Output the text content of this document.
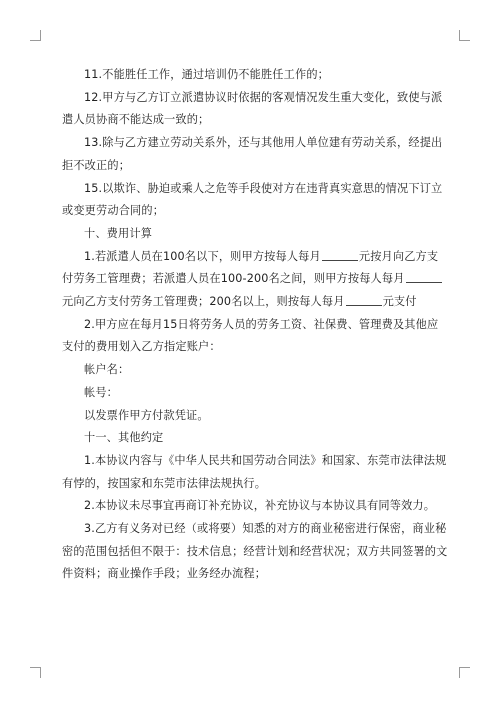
11.不能胜任工作，通过培训仍不能胜任工作的；

12.甲方与乙方订立派遣协议时依据的客观情况发生重大变化，致使与派遣人员协商不能达成一致的；

13.除与乙方建立劳动关系外，还与其他用人单位建有劳动关系，经提出拒不改正的；

15.以欺诈、胁迫或乘人之危等手段使对方在违背真实意思的情况下订立或变更劳动合同的；

十、费用计算

1.若派遣人员在100名以下，则甲方按每人每月	元按月向乙方支付劳务工管理费；若派遣人员在100-200名之间，则甲方按每人每月元向乙方支付劳务工管理费；200名以上，则按每人每月	元支付

2.甲方应在每月15日将劳务人员的劳务工资、社保费、管理费及其他应支付的费用划入乙方指定账户：

帐户名：

帐号：

以发票作甲方付款凭证。

十一、其他约定

1.本协议内容与《中华人民共和国劳动合同法》和国家、东莞市法律法规有悖的，按国家和东莞市法律法规执行。

2.本协议未尽事宜再商订补充协议，补充协议与本协议具有同等效力。

3.乙方有义务对已经（或将要）知悉的对方的商业秘密进行保密，商业秘密的范围包括但不限于：技术信息；经营计划和经营状况；双方共同签署的文件资料；商业操作手段；业务经办流程；
